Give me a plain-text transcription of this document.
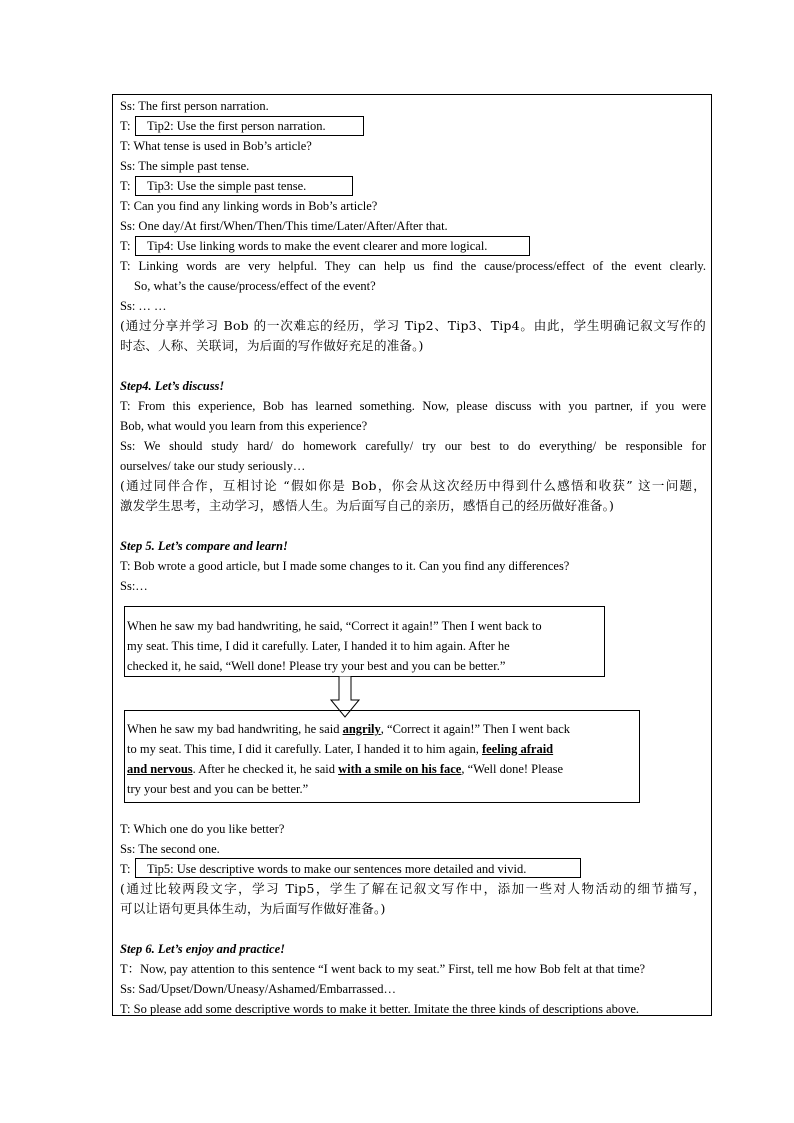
Ss: The first person narration.
T: Tip2: Use the first person narration.
T: What tense is used in Bob’s article?
Ss: The simple past tense.
T: Tip3: Use the simple past tense.
T: Can you find any linking words in Bob’s article?
Ss: One day/At first/When/Then/This time/Later/After/After that.
T: Tip4: Use linking words to make the event clearer and more logical.
T: Linking words are very helpful. They can help us find the cause/process/effect of the event clearly.
So, what’s the cause/process/effect of the event?
Ss: … …
(通过分享并学习 Bob 的一次难忘的经历，学习 Tip2、Tip3、Tip4。由此，学生明确记叙文写作的
时态、人称、关联词，为后面的写作做好充足的准备。)
Step4. Let’s discuss!
T: From this experience, Bob has learned something. Now, please discuss with you partner, if you were
Bob, what would you learn from this experience?
Ss: We should study hard/ do homework carefully/ try our best to do everything/ be responsible for
ourselves/ take our study seriously…
(通过同伴合作，互相讨论 “假如你是 Bob，你会从这次经历中得到什么感悟和收获” 这一问题，
激发学生思考，主动学习，感悟人生。为后面写自己的亲历，感悟自己的经历做好准备。)
Step 5. Let’s compare and learn!
T: Bob wrote a good article, but I made some changes to it. Can you find any differences?
Ss:…
When he saw my bad handwriting, he said, “Correct it again!” Then I went back to
my seat. This time, I did it carefully. Later, I handed it to him again. After he
checked it, he said, “Well done! Please try your best and you can be better.”
When he saw my bad handwriting, he said angrily, “Correct it again!” Then I went back
to my seat. This time, I did it carefully. Later, I handed it to him again, feeling afraid
and nervous. After he checked it, he said with a smile on his face, “Well done! Please
try your best and you can be better.”
T: Which one do you like better?
Ss: The second one.
T: Tip5: Use descriptive words to make our sentences more detailed and vivid.
(通过比较两段文字，学习 Tip5，学生了解在记叙文写作中，添加一些对人物活动的细节描写，
可以让语句更具体生动，为后面写作做好准备。)
Step 6. Let’s enjoy and practice!
T：Now, pay attention to this sentence “I went back to my seat.” First, tell me how Bob felt at that time?
Ss: Sad/Upset/Down/Uneasy/Ashamed/Embarrassed…
T: So please add some descriptive words to make it better. Imitate the three kinds of descriptions above.
